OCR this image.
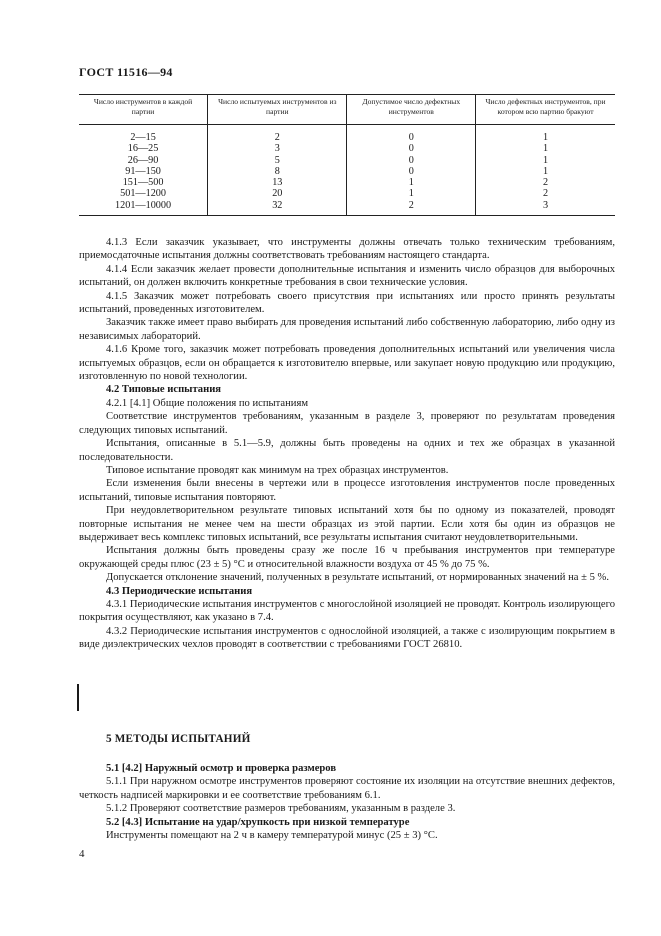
ГОСТ 11516—94
Число инструментов в каждой партии	Число испытуемых инструментов из партии	Допустимое число дефектных инструментов	Число дефектных инструментов, при котором всю партию бракуют
2—15	2	0	1
16—25	3	0	1
26—90	5	0	1
91—150	8	0	1
151—500	13	1	2
501—1200	20	1	2
1201—10000	32	2	3

4.1.3 Если заказчик указывает, что инструменты должны отвечать только техническим требованиям, приемосдаточные испытания должны соответствовать требованиям настоящего стандарта.

4.1.4 Если заказчик желает провести дополнительные испытания и изменить число образцов для выборочных испытаний, он должен включить конкретные требования в свои технические условия.

4.1.5 Заказчик может потребовать своего присутствия при испытаниях или просто принять результаты испытаний, проведенных изготовителем.

Заказчик также имеет право выбирать для проведения испытаний либо собственную лабораторию, либо одну из независимых лабораторий.

4.1.6 Кроме того, заказчик может потребовать проведения дополнительных испытаний или увеличения числа испытуемых образцов, если он обращается к изготовителю впервые, или закупает новую продукцию или продукцию, изготовленную по новой технологии.

4.2 Типовые испытания

4.2.1 [4.1] Общие положения по испытаниям

Соответствие инструментов требованиям, указанным в разделе 3, проверяют по результатам проведения следующих типовых испытаний.

Испытания, описанные в 5.1—5.9, должны быть проведены на одних и тех же образцах в указанной последовательности.

Типовое испытание проводят как минимум на трех образцах инструментов.

Если изменения были внесены в чертежи или в процессе изготовления инструментов после проведенных испытаний, типовые испытания повторяют.

При неудовлетворительном результате типовых испытаний хотя бы по одному из показателей, проводят повторные испытания не менее чем на шести образцах из этой партии. Если хотя бы один из образцов не выдерживает весь комплекс типовых испытаний, все результаты испытания считают неудовлетворительными.

Испытания должны быть проведены сразу же после 16 ч пребывания инструментов при температуре окружающей среды плюс (23 ± 5) °С и относительной влажности воздуха от 45 % до 75 %.

Допускается отклонение значений, полученных в результате испытаний, от нормированных значений на ± 5 %.

4.3 Периодические испытания

4.3.1 Периодические испытания инструментов с многослойной изоляцией не проводят. Контроль изолирующего покрытия осуществляют, как указано в 7.4.

4.3.2 Периодические испытания инструментов с однослойной изоляцией, а также с изолирующим покрытием в виде диэлектрических чехлов проводят в соответствии с требованиями ГОСТ 26810.

5 МЕТОДЫ ИСПЫТАНИЙ

5.1 [4.2] Наружный осмотр и проверка размеров

5.1.1 При наружном осмотре инструментов проверяют состояние их изоляции на отсутствие внешних дефектов, четкость надписей маркировки и ее соответствие требованиям 6.1.

5.1.2 Проверяют соответствие размеров требованиям, указанным в разделе 3.

5.2 [4.3] Испытание на удар/хрупкость при низкой температуре

Инструменты помещают на 2 ч в камеру температурой минус (25 ± 3) °С.

4
